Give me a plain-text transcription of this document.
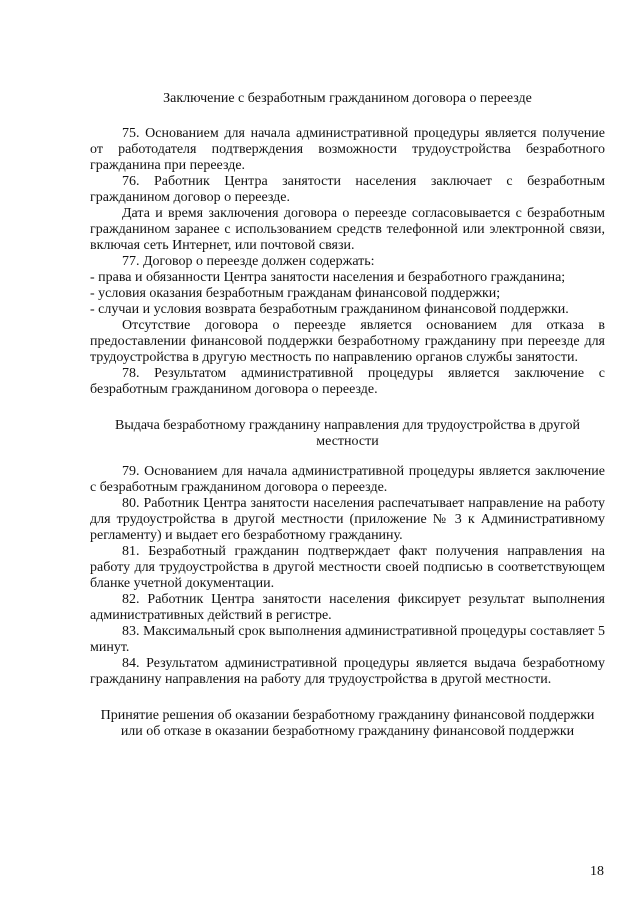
Заключение с безработным гражданином договора о переезде

75. Основанием для начала административной процедуры является получение от работодателя подтверждения возможности трудоустройства безработного гражданина при переезде.

76. Работник Центра занятости населения заключает с безработным гражданином договор о переезде.

Дата и время заключения договора о переезде согласовывается с безработным гражданином заранее с использованием средств телефонной или электронной связи, включая сеть Интернет, или почтовой связи.

77. Договор о переезде должен содержать:

- права и обязанности Центра занятости населения и безработного гражданина;

- условия оказания безработным гражданам финансовой поддержки;

- случаи и условия возврата безработным гражданином финансовой поддержки.

Отсутствие договора о переезде является основанием для отказа в предоставлении финансовой поддержки безработному гражданину при переезде для трудоустройства в другую местность по направлению органов службы занятости.

78. Результатом административной процедуры является заключение с безработным гражданином договора о переезде.

Выдача безработному гражданину направления для трудоустройства в другой местности

79. Основанием для начала административной процедуры является заключение с безработным гражданином договора о переезде.

80. Работник Центра занятости населения распечатывает направление на работу для трудоустройства в другой местности (приложение № 3 к Административному регламенту) и выдает его безработному гражданину.

81. Безработный гражданин подтверждает факт получения направления на работу для трудоустройства в другой местности своей подписью в соответствующем бланке учетной документации.

82. Работник Центра занятости населения фиксирует результат выполнения административных действий в регистре.

83. Максимальный срок выполнения административной процедуры составляет 5 минут.

84. Результатом административной процедуры является выдача безработному гражданину направления на работу для трудоустройства в другой местности.

Принятие решения об оказании безработному гражданину финансовой поддержки или об отказе в оказании безработному гражданину финансовой поддержки

18
